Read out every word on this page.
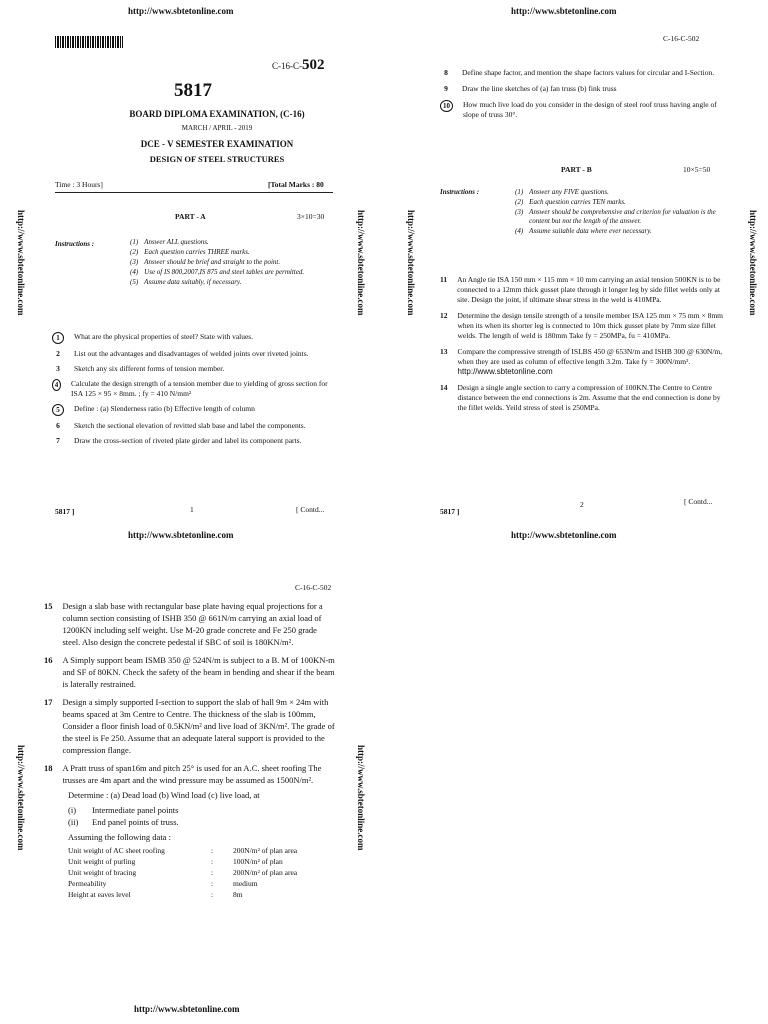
http://www.sbtetonline.com
C-16-C-502
5817
BOARD DIPLOMA EXAMINATION, (C-16)
MARCH / APRIL - 2019
DCE - V SEMESTER EXAMINATION
DESIGN OF STEEL STRUCTURES
Time : 3 Hours]	[Total Marks : 80
PART - A	3×10=30
Instructions :	(1) Answer ALL questions.
(2) Each question carries THREE marks.
(3) Answer should be brief and straight to the point.
(4) Use of IS 800,2007,IS 875 and steel tables are permitted.
(5) Assume data suitably, if necessary.
1	What are the physical properties of steel? State with values.
2	List out the advantages and disadvantages of welded joints over riveted joints.
3	Sketch any six different forms of tension member.
4	Calculate the design strength of a tension member due to yielding of gross section for ISA 125 × 95 × 8mm. ; fy = 410 N/mm²
5	Define : (a) Slenderness ratio (b) Effective length of column
6	Sketch the sectional elevation of revitted slab base and label the components.
7	Draw the cross-section of riveted plate girder and label its component parts.
5817 ]	1	[ Contd...
http://www.sbtetonline.com
http://www.sbtetonline.com	http://www.sbtetonline.com	http://www.sbtetonline.com	http://www.sbtetonline.com
http://www.sbtetonline.com
C-16-C-502
8	Define shape factor, and mention the shape factors values for circular and I-Section.
9	Draw the line sketches of (a) fan truss (b) fink truss
10	How much live load do you consider in the design of steel roof truss having angle of slope of truss 30°.
PART - B	10×5=50
Instructions :	(1) Answer any FIVE questions.
(2) Each question carries TEN marks.
(3) Answer should be comprehensive and criterion for valuation is the content but not the length of the answer.
(4) Assume suitable data where ever necessary.
11 An Angle tie ISA 150 mm × 115 mm × 10 mm carrying an axial tension 500KN is to be connected to a 12mm thick gusset plate through it longer leg by side fillet welds only at site. Design the joint, if ultimate shear stress in the weld is 410MPa.
12 Determine the design tensile strength of a tensile member ISA 125 mm × 75 mm × 8mm when its when its shorter leg is connected to 10m thick gusset plate by 7mm size fillet welds. The length of weld is 180mm Take fy = 250MPa, fu = 410MPa.
13 Compare the compressive strength of ISLBS 450 @ 653N/m and ISHB 300 @ 630N/m, when they are used as column of effective length 3.2m. Take fy = 300N/mm². http://www.sbtetonline.com
14 Design a single angle section to carry a compression of 100KN.The Centre to Centre distance between the end connections is 2m. Assume that the end connection is done by the fillet welds. Yeild stress of steel is 250MPa.
5817 ]
2	[ Contd...
http://www.sbtetonline.com
C-16-C-502
15 Design a slab base with rectangular base plate having equal projections for a column section consisting of ISHB 350 @ 661N/m carrying an axial load of 1200KN including self weight. Use M-20 grade concrete and Fe 250 grade steel. Also design the concrete pedestal if SBC of soil is 180KN/m².
16 A Simply support beam ISMB 350 @ 524N/m is subject to a B. M of 100KN-m and SF of 80KN. Check the safety of the beam in bending and shear if the beam is laterally restrained.
17 Design a simply supported I-section to support the slab of hall 9m × 24m with beams spaced at 3m Centre to Centre. The thickness of the slab is 100mm, Consider a floor finish load of 0.5KN/m² and live load of 3KN/m². The grade of the steel is Fe 250. Assume that an adequate lateral support is provided to the compression flange.
18 A Pratt truss of span16m and pitch 25° is used for an A.C. sheet roofing The trusses are 4m apart and the wind pressure may be assumed as 1500N/m².
Determine : (a) Dead load (b) Wind load (c) live load, at
(i)	Intermediate panel points
(ii)	End panel points of truss.
Assuming the following data :
Unit weight of AC sheet roofing	:	200N/m² of plan area
Unit weight of purling	:	100N/m² of plan
Unit weight of bracing	:	200N/m² of plan area
Permeability	:	medium
Height at eaves level	:	8m
http://www.sbtetonline.com	http://www.sbtetonline.com
http://www.sbtetonline.com
